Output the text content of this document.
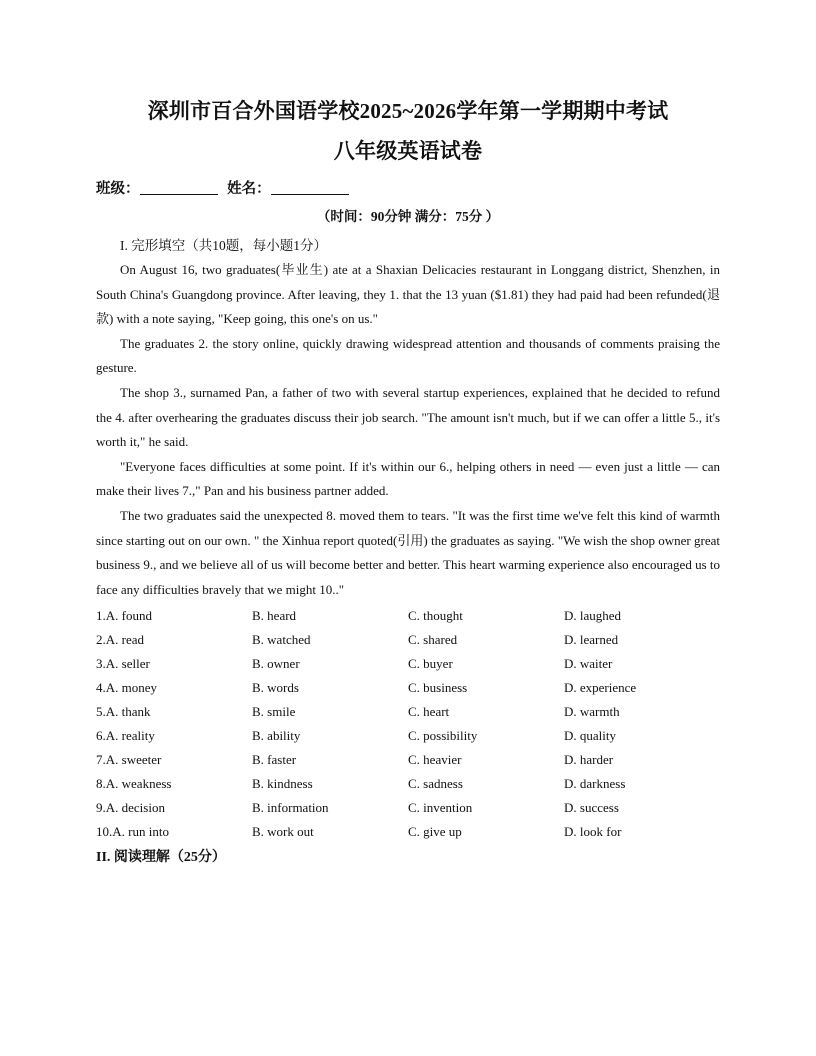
深圳市百合外国语学校2025~2026学年第一学期期中考试
八年级英语试卷
班级：	姓名：
（时间：90分钟 满分：75分 ）
I. 完形填空（共10题，每小题1分）

On August 16, two graduates(毕业生) ate at a Shaxian Delicacies restaurant in Longgang district, Shenzhen, in South China's Guangdong province. After leaving, they 1. that the 13 yuan ($1.81) they had paid had been refunded(退款) with a note saying, "Keep going, this one's on us."

The graduates 2. the story online, quickly drawing widespread attention and thousands of comments praising the gesture.

The shop 3., surnamed Pan, a father of two with several startup experiences, explained that he decided to refund the 4. after overhearing the graduates discuss their job search. "The amount isn't much, but if we can offer a little 5., it's worth it," he said.

"Everyone faces difficulties at some point. If it's within our 6., helping others in need — even just a little — can make their lives 7.," Pan and his business partner added.

The two graduates said the unexpected 8. moved them to tears. "It was the first time we've felt this kind of warmth since starting out on our own. " the Xinhua report quoted(引用) the graduates as saying. "We wish the shop owner great business 9., and we believe all of us will become better and better. This heart warming experience also encouraged us to face any difficulties bravely that we might 10.."

1.A. found	B. heard	C. thought	D. laughed
2.A. read	B. watched	C. shared	D. learned
3.A. seller	B. owner	C. buyer	D. waiter
4.A. money	B. words	C. business	D. experience
5.A. thank	B. smile	C. heart	D. warmth
6.A. reality	B. ability	C. possibility	D. quality
7.A. sweeter	B. faster	C. heavier	D. harder
8.A. weakness	B. kindness	C. sadness	D. darkness
9.A. decision	B. information	C. invention	D. success
10.A. run into	B. work out	C. give up	D. look for
II. 阅读理解（25分）
